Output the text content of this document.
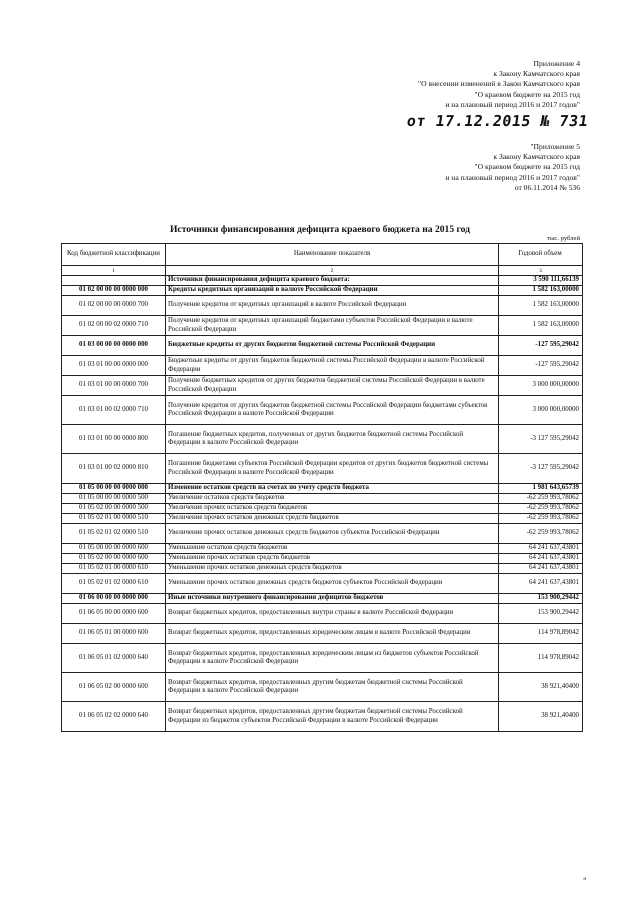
Приложение 4
к Закону Камчатского края
"О внесении изменений в Закон Камчатского края
"О краевом бюджете на 2015 год
и на плановый период 2016 и 2017 годов"
от 17.12.2015 № 731
"Приложение 5
к Закону Камчатского края
"О краевом бюджете на 2015 год
и на плановый период 2016 и 2017 годов"
от 06.11.2014 № 536
Источники финансирования дефицита краевого бюджета на 2015 год
тыс. рублей
Код бюджетной классификации	Наименование показателя	Годовой объем
1	2	3
	Источники финансирования дефицита краевого бюджета:	3 590 111,66139
01 02 00 00 00 0000 000	Кредиты кредитных организаций в валюте Российской Федерации	1 582 163,00000
01 02 00 00 00 0000 700	Получение кредитов от кредитных организаций в валюте Российской Федерации	1 582 163,00000
01 02 00 00 02 0000 710	Получение кредитов от кредитных организаций бюджетами субъектов Российской Федерации в валюте Российской Федерации	1 582 163,00000
01 03 00 00 00 0000 000	Бюджетные кредиты от других бюджетов бюджетной системы Российской Федерации	-127 595,29042
01 03 01 00 00 0000 000	Бюджетные кредиты от других бюджетов бюджетной системы Российской Федерации в валюте Российской Федерации	-127 595,29042
01 03 01 00 00 0000 700	Получение бюджетных кредитов от других бюджетов бюджетной системы Российской Федерации в валюте Российской Федерации	3 000 000,00000
01 03 01 00 02 0000 710	Получение кредитов от других бюджетов бюджетной системы Российской Федерации бюджетами субъектов Российской Федерации в валюте Российской Федерации	3 000 000,00000
01 03 01 00 00 0000 800	Погашение бюджетных кредитов, полученных от других бюджетов бюджетной системы Российской Федерации в валюте Российской Федерации	-3 127 595,29042
01 03 01 00 02 0000 810	Погашение бюджетами субъектов Российской Федерации кредитов от других бюджетов бюджетной системы Российской Федерации в валюте Российской Федерации	-3 127 595,29042
01 05 00 00 00 0000 000	Изменение остатков средств на счетах по учету средств бюджета	1 981 643,65739
01 05 00 00 00 0000 500	Увеличение остатков средств бюджетов	-62 259 993,78062
01 05 02 00 00 0000 500	Увеличение прочих остатков средств бюджетов	-62 259 993,78062
01 05 02 01 00 0000 510	Увеличение прочих остатков денежных средств бюджетов	-62 259 993,78062
01 05 02 01 02 0000 510	Увеличение прочих остатков денежных средств бюджетов субъектов Российской Федерации	-62 259 993,78062
01 05 00 00 00 0000 600	Уменьшение остатков средств бюджетов	64 241 637,43801
01 05 02 00 00 0000 600	Уменьшение прочих остатков средств бюджетов	64 241 637,43801
01 05 02 01 00 0000 610	Уменьшение прочих остатков денежных средств бюджетов	64 241 637,43801
01 05 02 01 02 0000 610	Уменьшение прочих остатков денежных средств бюджетов субъектов Российской Федерации	64 241 637,43801
01 06 00 00 00 0000 000	Иные источники внутреннего финансирования дефицитов бюджетов	153 900,29442
01 06 05 00 00 0000 600	Возврат бюджетных кредитов, предоставленных внутри страны в валюте Российской Федерации	153 900,29442
01 06 05 01 00 0000 600	Возврат бюджетных кредитов, предоставленных юридическим лицам в валюте Российской Федерации	114 978,89042
01 06 05 01 02 0000 640	Возврат бюджетных кредитов, предоставленных юридическим лицам из бюджетов субъектов Российской Федерации в валюте Российской Федерации	114 978,89042
01 06 05 02 00 0000 600	Возврат бюджетных кредитов, предоставленных другим бюджетам бюджетной системы Российской Федерации в валюте Российской Федерации	38 921,40400
01 06 05 02 02 0000 640	Возврат бюджетных кредитов, предоставленных другим бюджетам бюджетной системы Российской Федерации из бюджетов субъектов Российской Федерации в валюте Российской Федерации	38 921,40400
н
